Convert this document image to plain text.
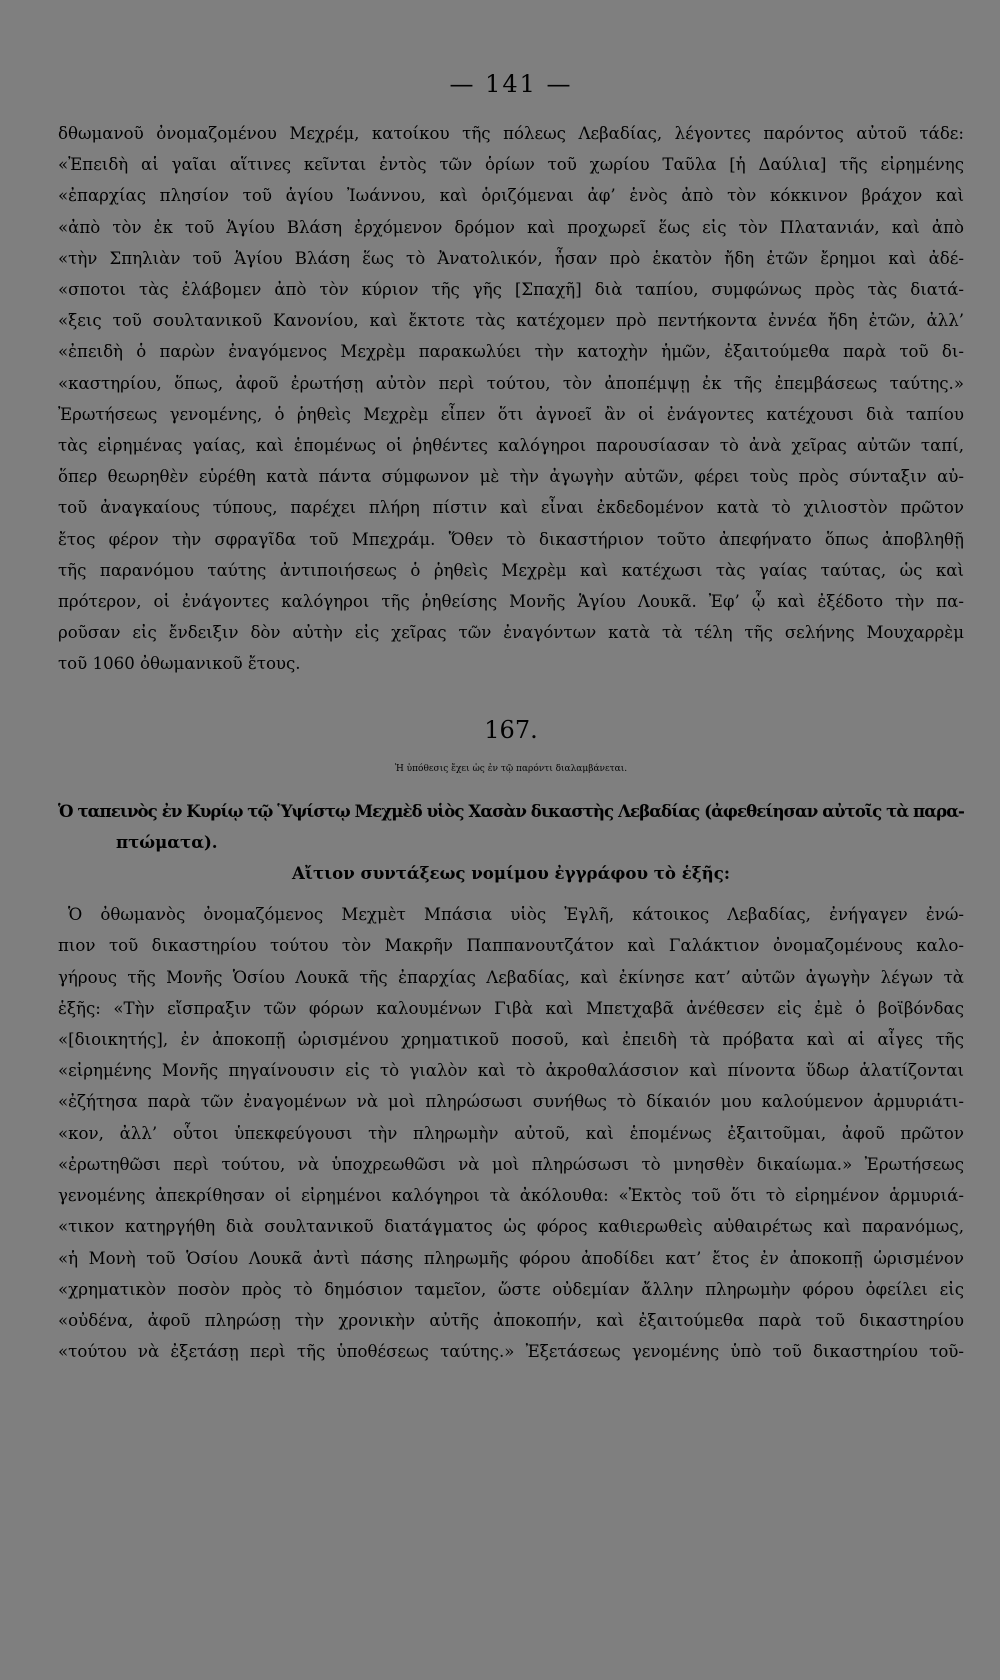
— 141 —
δθωμανοῦ ὀνομαζομένου Μεχρέμ, κατοίκου τῆς πόλεως Λεβαδίας, λέγοντες παρόντος αὐτοῦ τάδε:
«Ἐπειδὴ αἱ γαῖαι αἵτινες κεῖνται ἐντὸς τῶν ὁρίων τοῦ χωρίου Ταῦλα [ἡ Δαύλια] τῆς εἰρημένης
«ἐπαρχίας πλησίον τοῦ ἁγίου Ἰωάννου, καὶ ὁριζόμεναι ἀφ’ ἑνὸς ἀπὸ τὸν κόκκινον βράχον καὶ
«ἀπὸ τὸν ἐκ τοῦ Ἁγίου Βλάση ἐρχόμενον δρόμον καὶ προχωρεῖ ἕως εἰς τὸν Πλατανιάν, καὶ ἀπὸ
«τὴν Σπηλιὰν τοῦ Ἁγίου Βλάση ἕως τὸ Ἀνατολικόν, ἦσαν πρὸ ἑκατὸν ἤδη ἐτῶν ἔρημοι καὶ ἀδέ-
«σποτοι τὰς ἐλάβομεν ἀπὸ τὸν κύριον τῆς γῆς [Σπαχῆ] διὰ ταπίου, συμφώνως πρὸς τὰς διατά-
«ξεις τοῦ σουλτανικοῦ Κανονίου, καὶ ἔκτοτε τὰς κατέχομεν πρὸ πεντήκοντα ἐννέα ἤδη ἐτῶν, ἀλλ’
«ἐπειδὴ ὁ παρὼν ἐναγόμενος Μεχρὲμ παρακωλύει τὴν κατοχὴν ἡμῶν, ἐξαιτούμεθα παρὰ τοῦ δι-
«καστηρίου, ὅπως, ἀφοῦ ἐρωτήσῃ αὐτὸν περὶ τούτου, τὸν ἀποπέμψῃ ἐκ τῆς ἐπεμβάσεως ταύτης.»
Ἐρωτήσεως γενομένης, ὁ ῥηθεὶς Μεχρὲμ εἶπεν ὅτι ἀγνοεῖ ἂν οἱ ἐνάγοντες κατέχουσι διὰ ταπίου
τὰς εἰρημένας γαίας, καὶ ἑπομένως οἱ ῥηθέντες καλόγηροι παρουσίασαν τὸ ἀνὰ χεῖρας αὐτῶν ταπί,
ὅπερ θεωρηθὲν εὑρέθη κατὰ πάντα σύμφωνον μὲ τὴν ἀγωγὴν αὐτῶν, φέρει τοὺς πρὸς σύνταξιν αὐ-
τοῦ ἀναγκαίους τύπους, παρέχει πλήρη πίστιν καὶ εἶναι ἐκδεδομένον κατὰ τὸ χιλιοστὸν πρῶτον
ἔτος φέρον τὴν σφραγῖδα τοῦ Μπεχράμ. Ὅθεν τὸ δικαστήριον τοῦτο ἀπεφήνατο ὅπως ἀποβληθῇ
τῆς παρανόμου ταύτης ἀντιποιήσεως ὁ ῥηθεὶς Μεχρὲμ καὶ κατέχωσι τὰς γαίας ταύτας, ὡς καὶ
πρότερον, οἱ ἐνάγοντες καλόγηροι τῆς ῥηθείσης Μονῆς Ἁγίου Λουκᾶ. Ἐφ’ ᾧ καὶ ἐξέδοτο τὴν πα-
ροῦσαν εἰς ἔνδειξιν δὸν αὐτὴν εἰς χεῖρας τῶν ἐναγόντων κατὰ τὰ τέλη τῆς σελήνης Μουχαρρὲμ
τοῦ 1060 ὀθωμανικοῦ ἔτους.
167.
Ἡ ὑπόθεσις ἔχει ὡς ἐν τῷ παρόντι διαλαμβάνεται.
Ὁ ταπεινὸς ἐν Κυρίῳ τῷ Ὑψίστῳ Μεχμὲδ υἱὸς Χασὰν δικαστὴς Λεβαδίας (ἀφεθείησαν αὐτοῖς τὰ παρα-
πτώματα).
Αἴτιον συντάξεως νομίμου ἐγγράφου τὸ ἑξῆς:
Ὁ ὀθωμανὸς ὀνομαζόμενος Μεχμὲτ Μπάσια υἱὸς Ἐγλῆ, κάτοικος Λεβαδίας, ἐνήγαγεν ἐνώ-
πιον τοῦ δικαστηρίου τούτου τὸν Μακρῆν Παππανουτζάτον καὶ Γαλάκτιον ὀνομαζομένους καλο-
γήρους τῆς Μονῆς Ὁσίου Λουκᾶ τῆς ἐπαρχίας Λεβαδίας, καὶ ἐκίνησε κατ’ αὐτῶν ἀγωγὴν λέγων τὰ
ἑξῆς: «Τὴν εἴσπραξιν τῶν φόρων καλουμένων Γιβὰ καὶ Μπετχαβᾶ ἀνέθεσεν εἰς ἐμὲ ὁ βοϊβόνδας
«[διοικητής], ἐν ἀποκοπῇ ὡρισμένου χρηματικοῦ ποσοῦ, καὶ ἐπειδὴ τὰ πρόβατα καὶ αἱ αἶγες τῆς
«εἰρημένης Μονῆς πηγαίνουσιν εἰς τὸ γιαλὸν καὶ τὸ ἀκροθαλάσσιον καὶ πίνοντα ὕδωρ ἁλατίζονται
«ἐζήτησα παρὰ τῶν ἐναγομένων νὰ μοὶ πληρώσωσι συνήθως τὸ δίκαιόν μου καλούμενον ἁρμυριάτι-
«κον, ἀλλ’ οὗτοι ὑπεκφεύγουσι τὴν πληρωμὴν αὐτοῦ, καὶ ἑπομένως ἐξαιτοῦμαι, ἀφοῦ πρῶτον
«ἐρωτηθῶσι περὶ τούτου, νὰ ὑποχρεωθῶσι νὰ μοὶ πληρώσωσι τὸ μνησθὲν δικαίωμα.» Ἐρωτήσεως
γενομένης ἀπεκρίθησαν οἱ εἰρημένοι καλόγηροι τὰ ἀκόλουθα: «Ἐκτὸς τοῦ ὅτι τὸ εἰρημένον ἁρμυριά-
«τικον κατηργήθη διὰ σουλτανικοῦ διατάγματος ὡς φόρος καθιερωθεὶς αὐθαιρέτως καὶ παρανόμως,
«ἡ Μονὴ τοῦ Ὁσίου Λουκᾶ ἀντὶ πάσης πληρωμῆς φόρου ἀποδίδει κατ’ ἔτος ἐν ἀποκοπῇ ὡρισμένον
«χρηματικὸν ποσὸν πρὸς τὸ δημόσιον ταμεῖον, ὥστε οὐδεμίαν ἄλλην πληρωμὴν φόρου ὀφείλει εἰς
«οὐδένα, ἀφοῦ πληρώσῃ τὴν χρονικὴν αὐτῆς ἀποκοπήν, καὶ ἐξαιτούμεθα παρὰ τοῦ δικαστηρίου
«τούτου νὰ ἐξετάσῃ περὶ τῆς ὑποθέσεως ταύτης.» Ἐξετάσεως γενομένης ὑπὸ τοῦ δικαστηρίου τοῦ-
